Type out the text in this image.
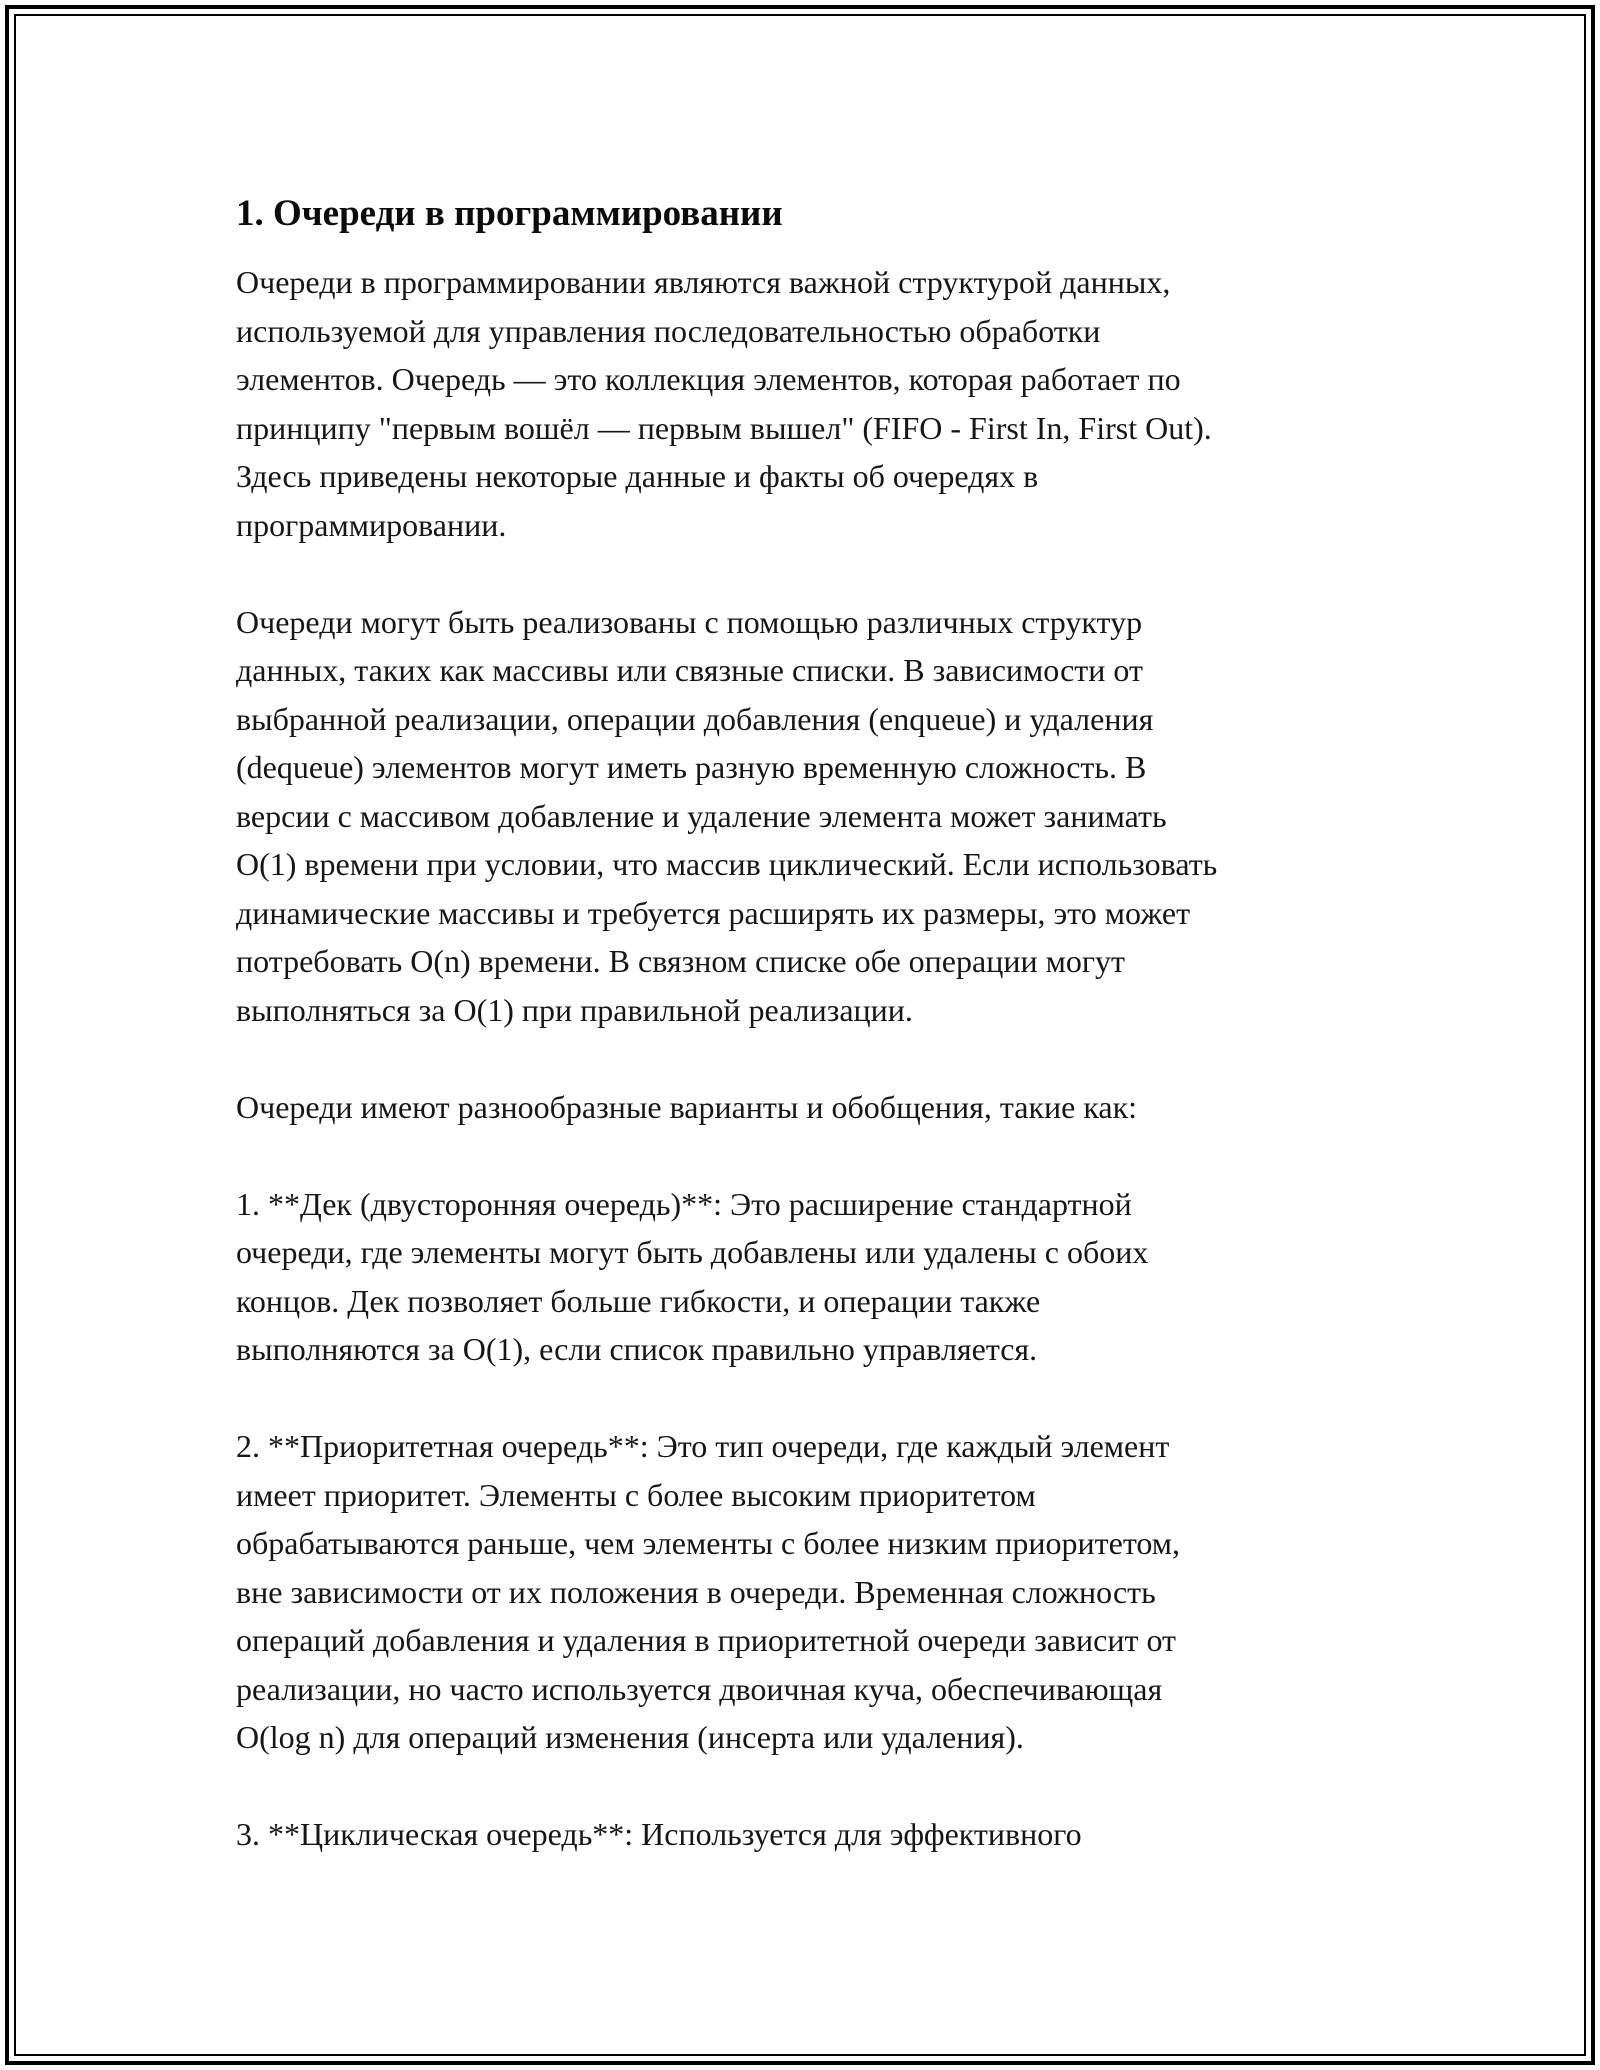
1. Очереди в программировании

Очереди в программировании являются важной структурой данных,
используемой для управления последовательностью обработки
элементов. Очередь — это коллекция элементов, которая работает по
принципу "первым вошёл — первым вышел" (FIFO - First In, First Out).
Здесь приведены некоторые данные и факты об очередях в
программировании.

Очереди могут быть реализованы с помощью различных структур
данных, таких как массивы или связные списки. В зависимости от
выбранной реализации, операции добавления (enqueue) и удаления
(dequeue) элементов могут иметь разную временную сложность. В
версии с массивом добавление и удаление элемента может занимать
O(1) времени при условии, что массив циклический. Если использовать
динамические массивы и требуется расширять их размеры, это может
потребовать O(n) времени. В связном списке обе операции могут
выполняться за O(1) при правильной реализации.

Очереди имеют разнообразные варианты и обобщения, такие как:

1. **Дек (двусторонняя очередь)**: Это расширение стандартной
очереди, где элементы могут быть добавлены или удалены с обоих
концов. Дек позволяет больше гибкости, и операции также
выполняются за O(1), если список правильно управляется.

2. **Приоритетная очередь**: Это тип очереди, где каждый элемент
имеет приоритет. Элементы с более высоким приоритетом
обрабатываются раньше, чем элементы с более низким приоритетом,
вне зависимости от их положения в очереди. Временная сложность
операций добавления и удаления в приоритетной очереди зависит от
реализации, но часто используется двоичная куча, обеспечивающая
O(log n) для операций изменения (инсерта или удаления).

3. **Циклическая очередь**: Используется для эффективного
